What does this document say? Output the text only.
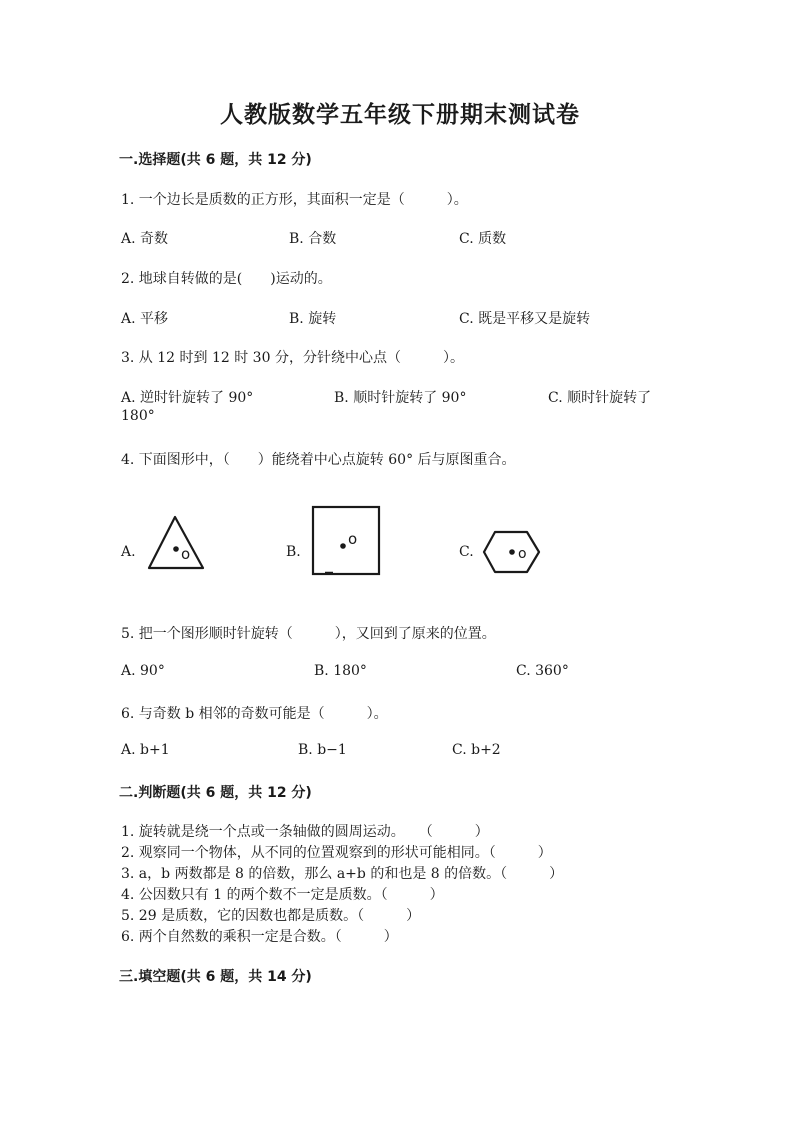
人教版数学五年级下册期末测试卷
一.选择题(共 6 题，共 12 分)
1. 一个边长是质数的正方形，其面积一定是（　　　）。
A. 奇数	B. 合数	C. 质数
2. 地球自转做的是(　　)运动的。
A. 平移	B. 旋转	C. 既是平移又是旋转
3. 从 12 时到 12 时 30 分，分针绕中心点（　　　）。
A. 逆时针旋转了 90°	B. 顺时针旋转了 90°	C. 顺时针旋转了
180°
4. 下面图形中，（　　）能绕着中心点旋转 60° 后与原图重合。
A.	B.	C.
o
o
o
5. 把一个图形顺时针旋转（　　　），又回到了原来的位置。
A. 90°	B. 180°	C. 360°
6. 与奇数 b 相邻的奇数可能是（　　　）。
A. b+1	B. b−1	C. b+2
二.判断题(共 6 题，共 12 分)
1. 旋转就是绕一个点或一条轴做的圆周运动。　　（　　　）
2. 观察同一个物体，从不同的位置观察到的形状可能相同。（　　　）
3. a，b 两数都是 8 的倍数，那么 a+b 的和也是 8 的倍数。（　　　）
4. 公因数只有 1 的两个数不一定是质数。（　　　）
5. 29 是质数，它的因数也都是质数。（　　　）
6. 两个自然数的乘积一定是合数。（　　　）
三.填空题(共 6 题，共 14 分)
